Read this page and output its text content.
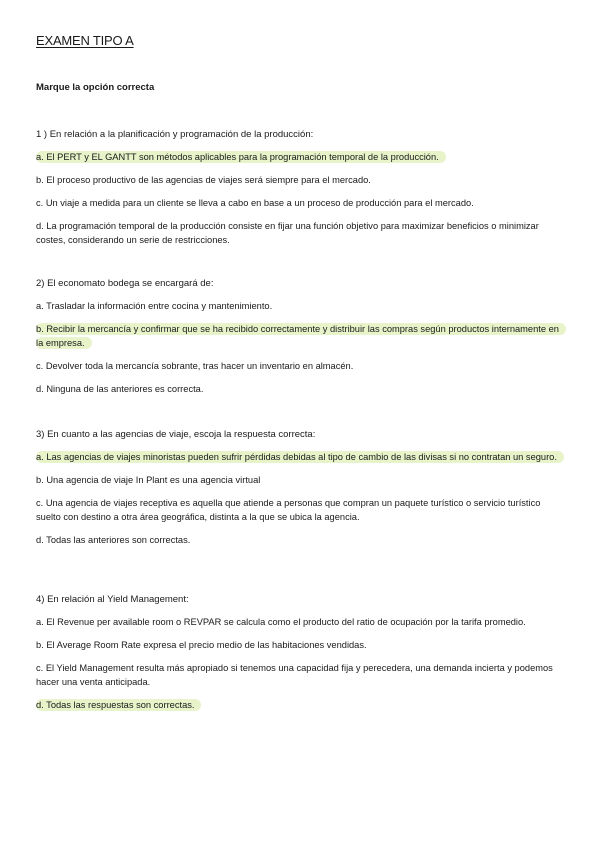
EXAMEN TIPO A

Marque la opción correcta

1 ) En relación a la planificación y programación de la producción:

a. El PERT y EL GANTT son métodos aplicables para la programación temporal de la producción.

b. El proceso productivo de las agencias de viajes será siempre para el mercado.

c. Un viaje a medida para un cliente se lleva a cabo en base a un proceso de producción para el mercado.

d. La programación temporal de la producción consiste en fijar una función objetivo para maximizar beneficios o minimizar costes, considerando un serie de restricciones.

2) El economato bodega se encargará de:

a. Trasladar la información entre cocina y mantenimiento.

b. Recibir la mercancía y confirmar que se ha recibido correctamente y distribuir las compras según productos internamente en la empresa.

c. Devolver toda la mercancía sobrante, tras hacer un inventario en almacén.

d. Ninguna de las anteriores es correcta.

3) En cuanto a las agencias de viaje, escoja la respuesta correcta:

a. Las agencias de viajes minoristas pueden sufrir pérdidas debidas al tipo de cambio de las divisas si no contratan un seguro.

b. Una agencia de viaje In Plant es una agencia virtual

c. Una agencia de viajes receptiva es aquella que atiende a personas que compran un paquete turístico o servicio turístico suelto con destino a otra área geográfica, distinta a la que se ubica la agencia.

d. Todas las anteriores son correctas.

4) En relación al Yield Management:

a. El Revenue per available room o REVPAR se calcula como el producto del ratio de ocupación por la tarifa promedio.

b. El Average Room Rate expresa el precio medio de las habitaciones vendidas.

c. El Yield Management resulta más apropiado si tenemos una capacidad fija y perecedera, una demanda incierta y podemos hacer una venta anticipada.

d. Todas las respuestas son correctas.
